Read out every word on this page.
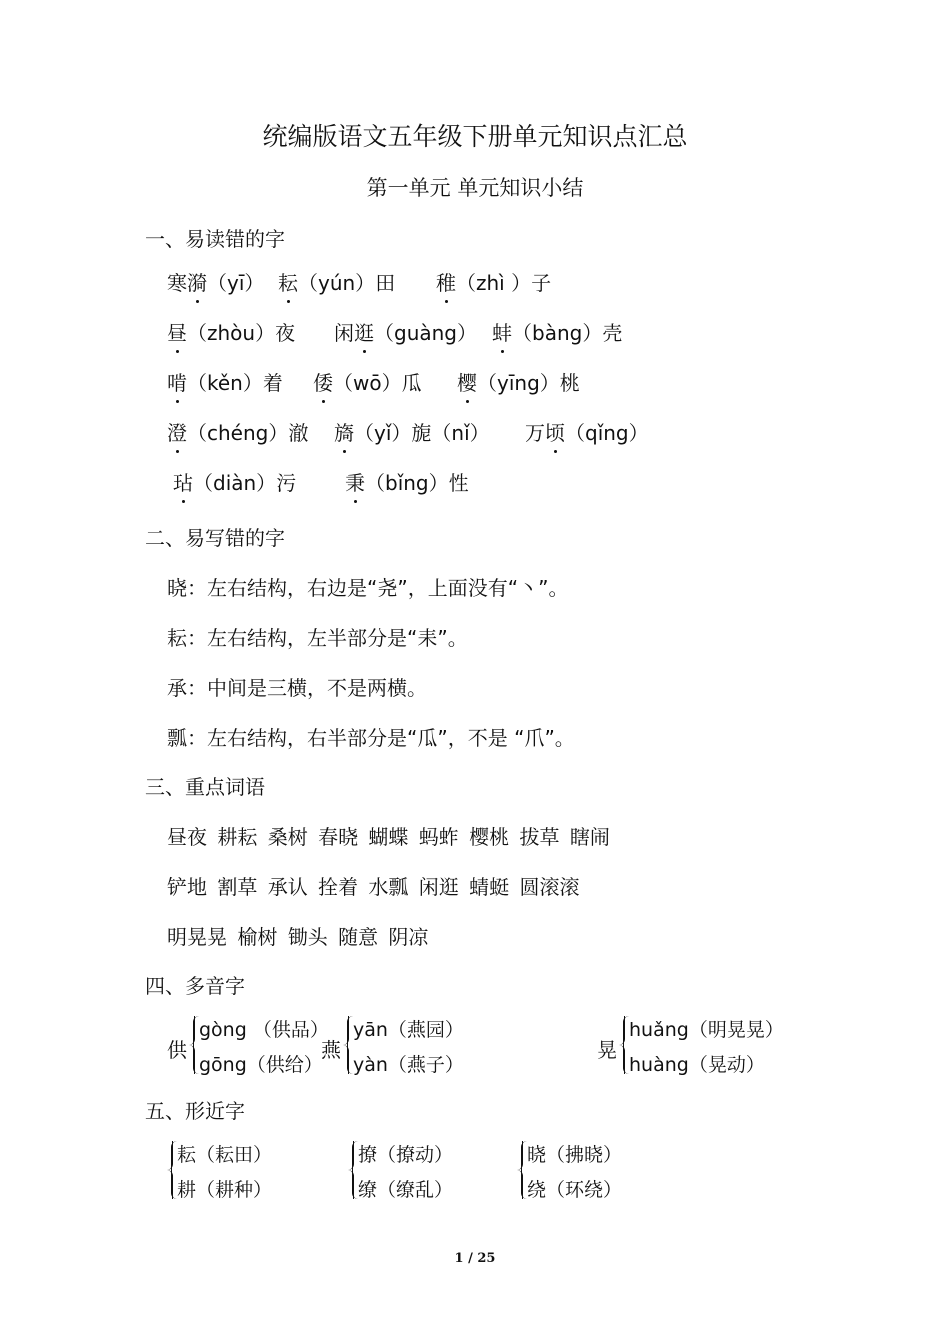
统编版语文五年级下册单元知识点汇总
第一单元 单元知识小结
一、易读错的字
寒漪（yī） 耘（yún）田 稚（zhì ）子
昼（zhòu）夜 闲逛（guàng） 蚌（bàng）壳
啃（kěn）着 倭（wō）瓜 樱（yīng）桃
澄（chéng）澈 旖（yǐ）旎（nǐ） 万顷（qǐng）
玷（diàn）污 秉（bǐng）性
二、易写错的字
晓：左右结构，右边是“尧”，上面没有“丶”。
耘：左右结构，左半部分是“耒”。
承：中间是三横，不是两横。
瓢：左右结构，右半部分是“瓜”，不是 “爪”。
三、重点词语
昼夜 耕耘 桑树 春晓 蝴蝶 蚂蚱 樱桃 拔草 瞎闹
铲地 割草 承认 拴着 水瓢 闲逛 蜻蜓 圆滚滚
明晃晃 榆树 锄头 随意 阴凉
四、多音字
供
gòng （供品）
gōng（供给）
燕
yān（燕园）
yàn（燕子）
晃
huǎng（明晃晃）
huàng（晃动）
五、形近字
耘（耘田）
耕（耕种）
撩（撩动）
缭（缭乱）
晓（拂晓）
绕（环绕）
1 / 25
